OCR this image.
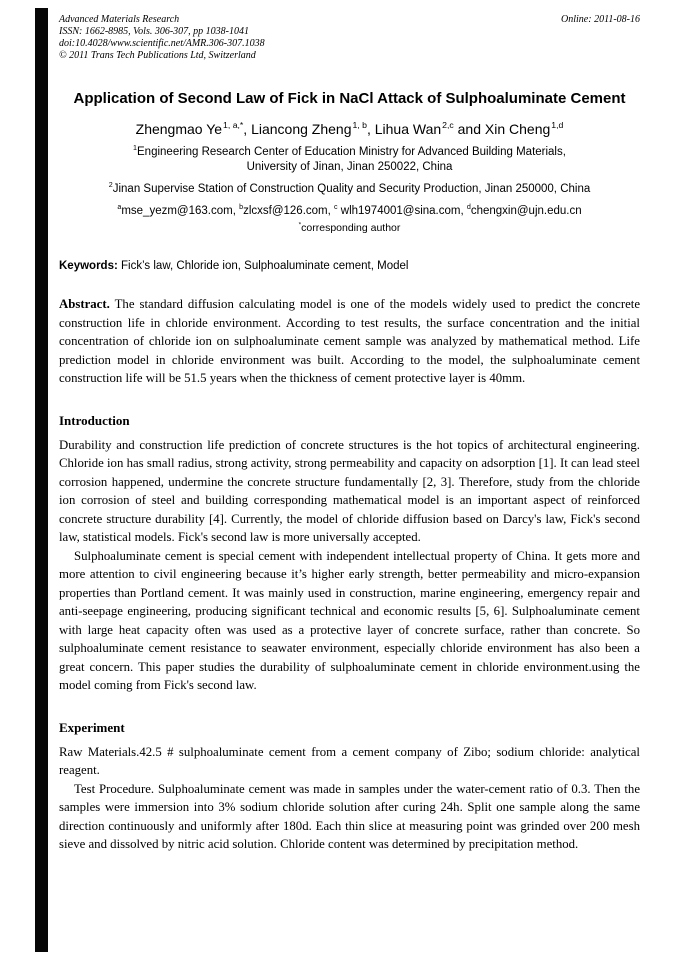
Advanced Materials Research
ISSN: 1662-8985, Vols. 306-307, pp 1038-1041
doi:10.4028/www.scientific.net/AMR.306-307.1038
© 2011 Trans Tech Publications Ltd, Switzerland
Online: 2011-08-16
Application of Second Law of Fick in NaCl Attack of Sulphoaluminate Cement

Zhengmao $Ye^{1, a,*}$, Liancong Zheng$^{1, b}$, Lihua Wan$^{2,c}$ and Xin Cheng$^{1,d}$

$^1$Engineering Research Center of Education Ministry for Advanced Building Materials, University of Jinan, Jinan 250022, China

$^2$Jinan Supervise Station of Construction Quality and Security Production, Jinan 250000, China

$^a$mse_yezm@163.com, $^b$zlcxsf@126.com, $^c$ wlh1974001@sina.com, $^d$chengxin@ujn.edu.cn

*corresponding author

Keywords: Fick’s law, Chloride ion, Sulphoaluminate cement, Model

Abstract. The standard diffusion calculating model is one of the models widely used to predict the concrete construction life in chloride environment. According to test results, the surface concentration and the initial concentration of chloride ion on sulphoaluminate cement sample was analyzed by mathematical method. Life prediction model in chloride environment was built. According to the model, the sulphoaluminate cement construction life will be 51.5 years when the thickness of cement protective layer is 40mm.

Introduction

Durability and construction life prediction of concrete structures is the hot topics of architectural engineering. Chloride ion has small radius, strong activity, strong permeability and capacity on adsorption [1]. It can lead steel corrosion happened, undermine the concrete structure fundamentally [2, 3]. Therefore, study from the chloride ion corrosion of steel and building corresponding mathematical model is an important aspect of reinforced concrete structure durability [4]. Currently, the model of chloride diffusion based on Darcy's law, Fick's second law, statistical models. Fick's second law is more universally accepted.

Sulphoaluminate cement is special cement with independent intellectual property of China. It gets more and more attention to civil engineering because it’s higher early strength, better permeability and micro-expansion properties than Portland cement. It was mainly used in construction, marine engineering, emergency repair and anti-seepage engineering, producing significant technical and economic results [5, 6]. Sulphoaluminate cement with large heat capacity often was used as a protective layer of concrete surface, rather than concrete. So sulphoaluminate cement resistance to seawater environment, especially chloride environment has also been a great concern. This paper studies the durability of sulphoaluminate cement in chloride environment.using the model coming from Fick's second law.

Experiment

Raw Materials.42.5 # sulphoaluminate cement from a cement company of Zibo; sodium chloride: analytical reagent.

Test Procedure. Sulphoaluminate cement was made in samples under the water-cement ratio of 0.3. Then the samples were immersion into 3% sodium chloride solution after curing 24h. Split one sample along the same direction continuously and uniformly after 180d. Each thin slice at measuring point was grinded over 200 mesh sieve and dissolved by nitric acid solution. Chloride content was determined by precipitation method.
